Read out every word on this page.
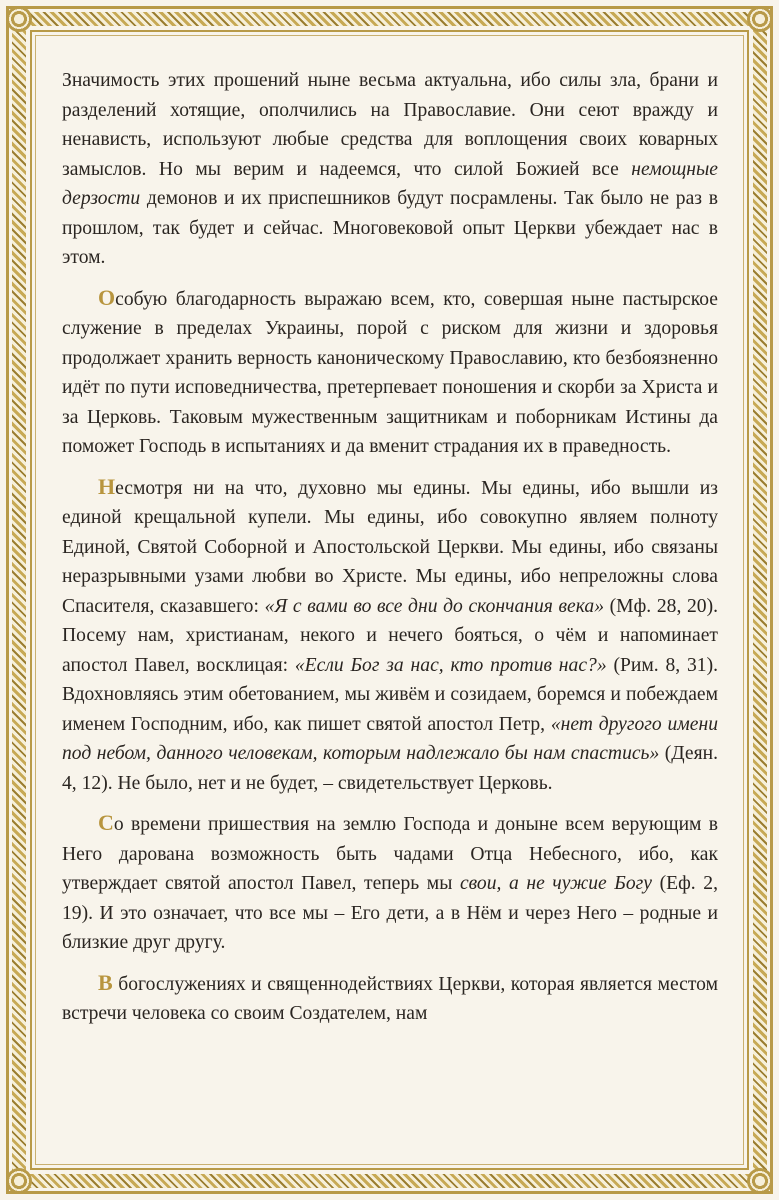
Значимость этих прошений ныне весьма актуальна, ибо силы зла, брани и разделений хотящие, ополчились на Православие. Они сеют вражду и ненависть, используют любые средства для воплощения своих коварных замыслов. Но мы верим и надеемся, что силой Божией все немощные дерзости демонов и их приспешников будут посрамлены. Так было не раз в прошлом, так будет и сейчас. Многовековой опыт Церкви убеждает нас в этом.

Особую благодарность выражаю всем, кто, совершая ныне пастырское служение в пределах Украины, порой с риском для жизни и здоровья продолжает хранить верность каноническому Православию, кто безбоязненно идёт по пути исповедничества, претерпевает поношения и скорби за Христа и за Церковь. Таковым мужественным защитникам и поборникам Истины да поможет Господь в испытаниях и да вменит страдания их в праведность.

Несмотря ни на что, духовно мы едины. Мы едины, ибо вышли из единой крещальной купели. Мы едины, ибо совокупно являем полноту Единой, Святой Соборной и Апостольской Церкви. Мы едины, ибо связаны неразрывными узами любви во Христе. Мы едины, ибо непреложны слова Спасителя, сказавшего: «Я с вами во все дни до скончания века» (Мф. 28, 20). Посему нам, христианам, некого и нечего бояться, о чём и напоминает апостол Павел, восклицая: «Если Бог за нас, кто против нас?» (Рим. 8, 31). Вдохновляясь этим обетованием, мы живём и созидаем, боремся и побеждаем именем Господним, ибо, как пишет святой апостол Петр, «нет другого имени под небом, данного человекам, которым надлежало бы нам спастись» (Деян. 4, 12). Не было, нет и не будет, – свидетельствует Церковь.

Со времени пришествия на землю Господа и доныне всем верующим в Него дарована возможность быть чадами Отца Небесного, ибо, как утверждает святой апостол Павел, теперь мы свои, а не чужие Богу (Еф. 2, 19). И это означает, что все мы – Его дети, а в Нём и через Него – родные и близкие друг другу.

В богослужениях и священнодействиях Церкви, которая является местом встречи человека со своим Создателем, нам
